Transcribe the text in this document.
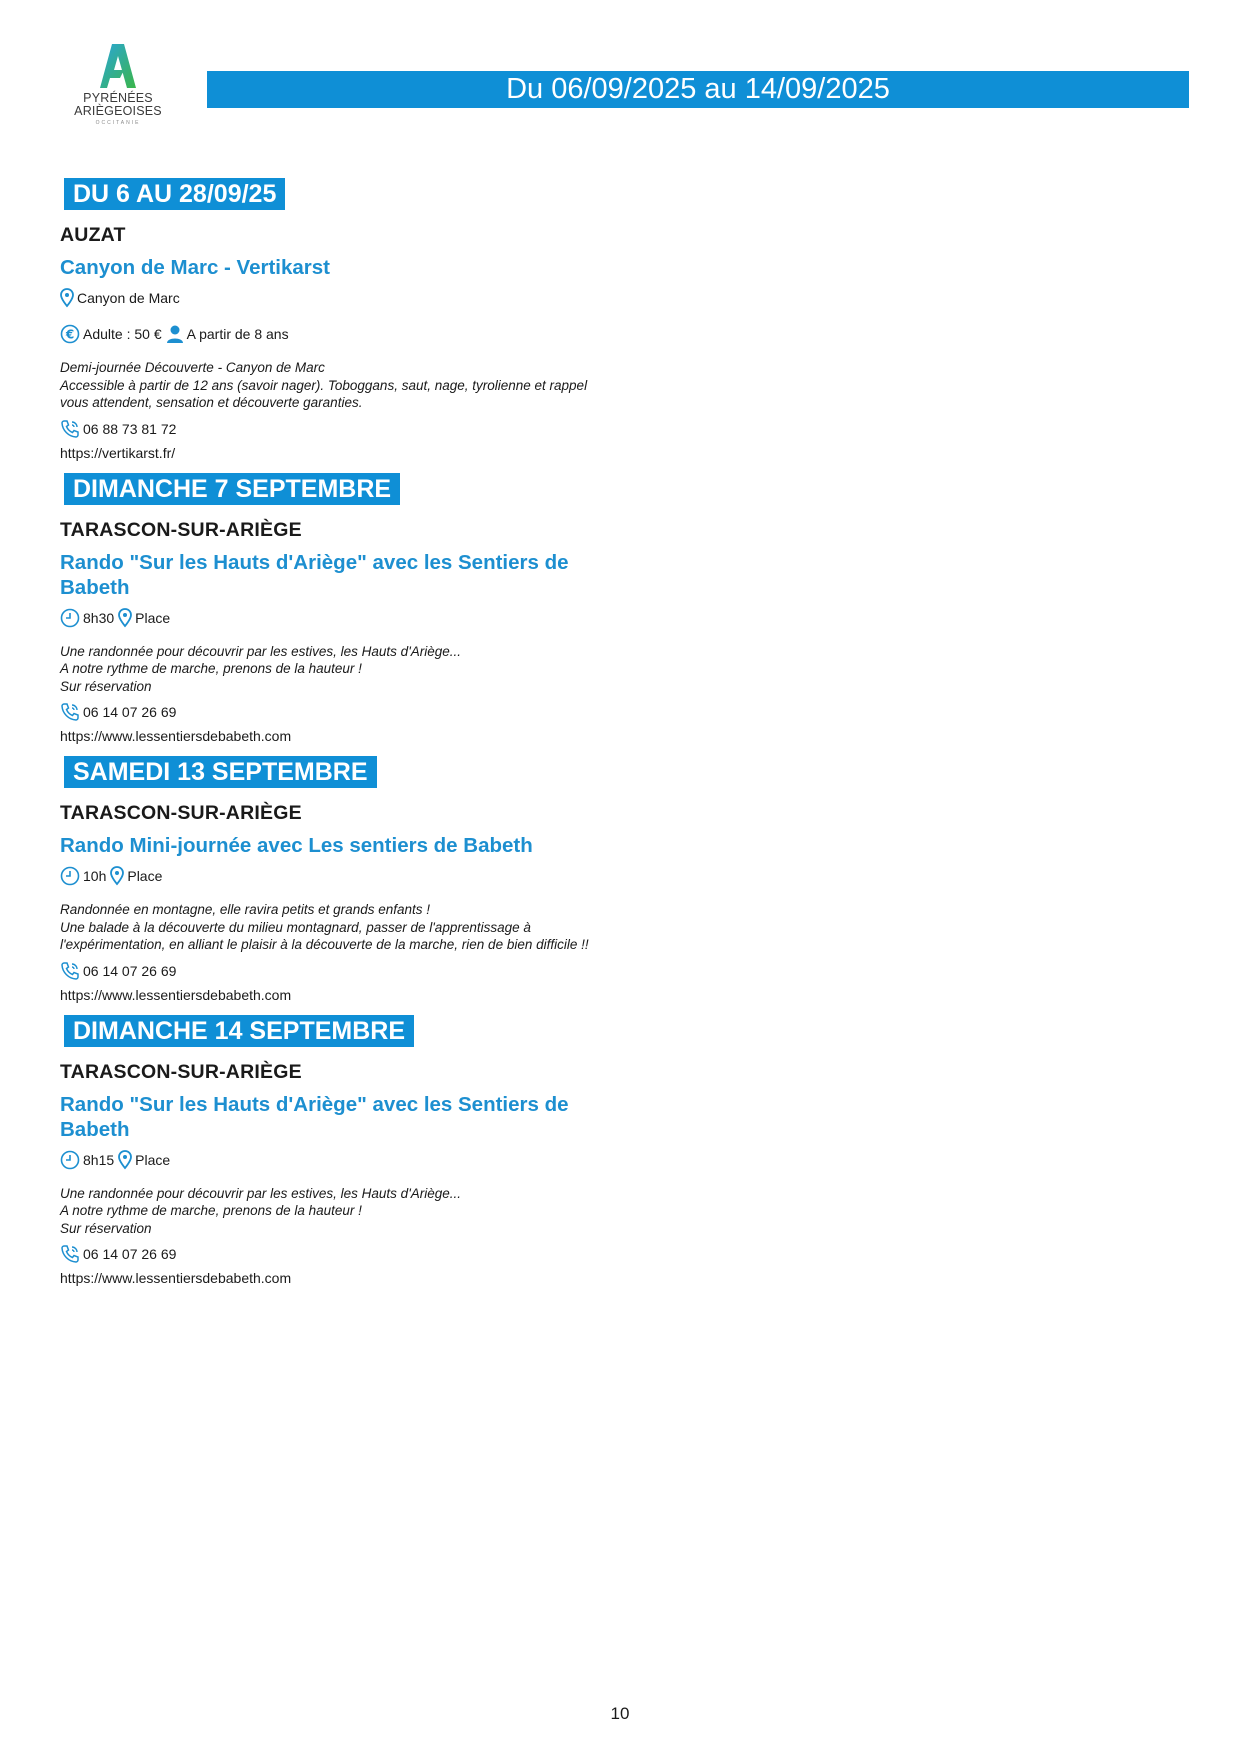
PYRÉNÉES
ARIÈGEOISES
OCCITANIE
Du 06/09/2025 au 14/09/2025
DU 6 AU 28/09/25
AUZAT
Canyon de Marc - Vertikarst
Canyon de Marc
€ Adulte : 50 € A partir de 8 ans
Demi-journée Découverte - Canyon de Marc
Accessible à partir de 12 ans (savoir nager). Toboggans, saut, nage, tyrolienne et rappel
vous attendent, sensation et découverte garanties.
06 88 73 81 72
https://vertikarst.fr/
DIMANCHE 7 SEPTEMBRE
TARASCON-SUR-ARIÈGE
Rando "Sur les Hauts d'Ariège" avec les Sentiers de Babeth
8h30 Place
Une randonnée pour découvrir par les estives, les Hauts d'Ariège...
A notre rythme de marche, prenons de la hauteur !
Sur réservation
06 14 07 26 69
https://www.lessentiersdebabeth.com
SAMEDI 13 SEPTEMBRE
TARASCON-SUR-ARIÈGE
Rando Mini-journée avec Les sentiers de Babeth
10h Place
Randonnée en montagne, elle ravira petits et grands enfants !
Une balade à la découverte du milieu montagnard, passer de l'apprentissage à
l'expérimentation, en alliant le plaisir à la découverte de la marche, rien de bien difficile !!
06 14 07 26 69
https://www.lessentiersdebabeth.com
DIMANCHE 14 SEPTEMBRE
TARASCON-SUR-ARIÈGE
Rando "Sur les Hauts d'Ariège" avec les Sentiers de Babeth
8h15 Place
Une randonnée pour découvrir par les estives, les Hauts d'Ariège...
A notre rythme de marche, prenons de la hauteur !
Sur réservation
06 14 07 26 69
https://www.lessentiersdebabeth.com
10
